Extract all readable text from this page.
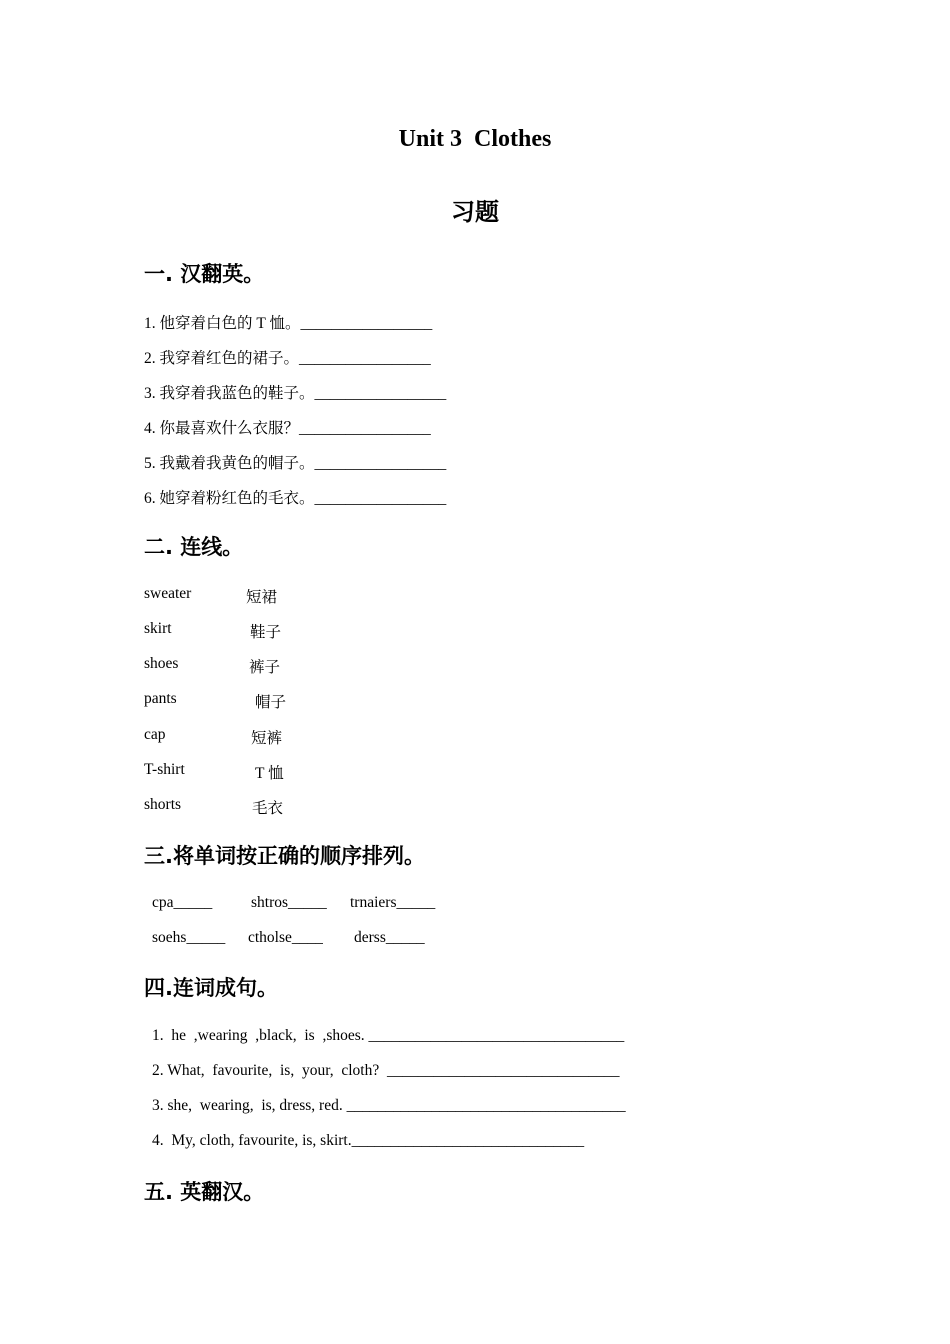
Unit 3  Clothes
习题
一. 汉翻英。
1. 他穿着白色的 T 恤。_________________
2. 我穿着红色的裙子。_________________
3. 我穿着我蓝色的鞋子。_________________
4. 你最喜欢什么衣服？_________________
5. 我戴着我黄色的帽子。_________________
6. 她穿着粉红色的毛衣。_________________
二. 连线。
sweater	短裙
skirt	鞋子
shoes	裤子
pants	帽子
cap	短裤
T-shirt	T 恤
shorts	毛衣
三.将单词按正确的顺序排列。
cpa_____ shtros_____ trnaiers_____
soehs_____ ctholse____ derss_____
四.连词成句。
1.  he  ,wearing  ,black,  is  ,shoes. _________________________________
2. What,  favourite,  is,  your,  cloth?  ______________________________
3. she,  wearing,  is, dress, red. ____________________________________
4.  My, cloth, favourite, is, skirt.______________________________
五. 英翻汉。
